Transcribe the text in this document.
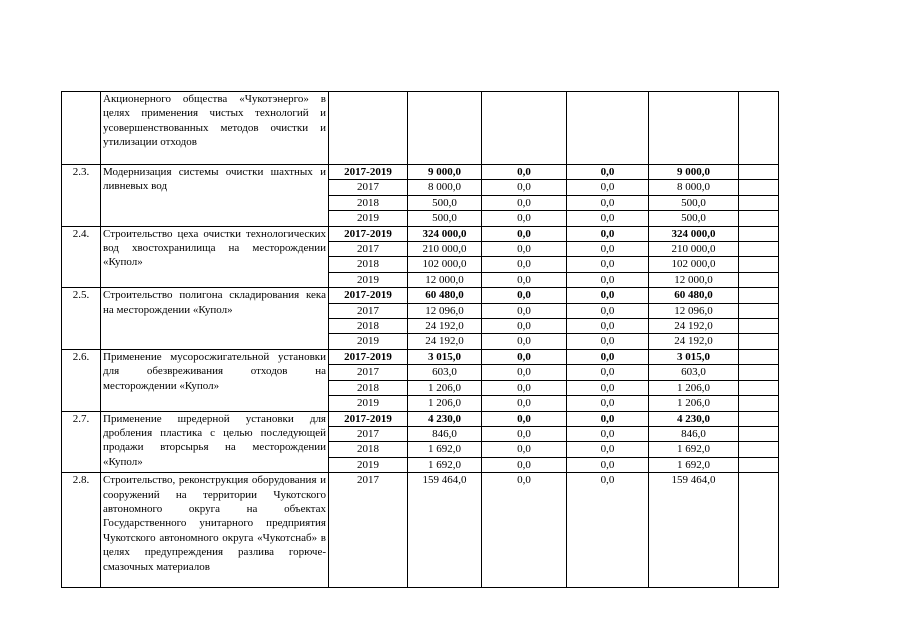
	Акционерного общества «Чукотэнерго» в целях применения чистых технологий и усовершенствованных методов очистки и утилизации отходов						
2.3.	Модернизация системы очистки шахтных и ливневых вод	2017-2019	9 000,0	0,0	0,0	9 000,0	
		2017	8 000,0	0,0	0,0	8 000,0	
		2018	500,0	0,0	0,0	500,0	
		2019	500,0	0,0	0,0	500,0	
2.4.	Строительство цеха очистки технологических вод хвостохранилища на месторождении «Купол»	2017-2019	324 000,0	0,0	0,0	324 000,0	
		2017	210 000,0	0,0	0,0	210 000,0	
		2018	102 000,0	0,0	0,0	102 000,0	
		2019	12 000,0	0,0	0,0	12 000,0	
2.5.	Строительство полигона складирования кека на месторождении «Купол»	2017-2019	60 480,0	0,0	0,0	60 480,0	
		2017	12 096,0	0,0	0,0	12 096,0	
		2018	24 192,0	0,0	0,0	24 192,0	
		2019	24 192,0	0,0	0,0	24 192,0	
2.6.	Применение мусоросжигательной установки для обезвреживания отходов на месторождении «Купол»	2017-2019	3 015,0	0,0	0,0	3 015,0	
		2017	603,0	0,0	0,0	603,0	
		2018	1 206,0	0,0	0,0	1 206,0	
		2019	1 206,0	0,0	0,0	1 206,0	
2.7.	Применение шредерной установки для дробления пластика с целью последующей продажи вторсырья на месторождении «Купол»	2017-2019	4 230,0	0,0	0,0	4 230,0	
		2017	846,0	0,0	0,0	846,0	
		2018	1 692,0	0,0	0,0	1 692,0	
		2019	1 692,0	0,0	0,0	1 692,0	
2.8.	Строительство, реконструкция оборудования и сооружений на территории Чукотского автономного округа на объектах Государственного унитарного предприятия Чукотского автономного округа «Чукотснаб» в целях предупреждения разлива горюче-смазочных материалов	2017	159 464,0	0,0	0,0	159 464,0	
